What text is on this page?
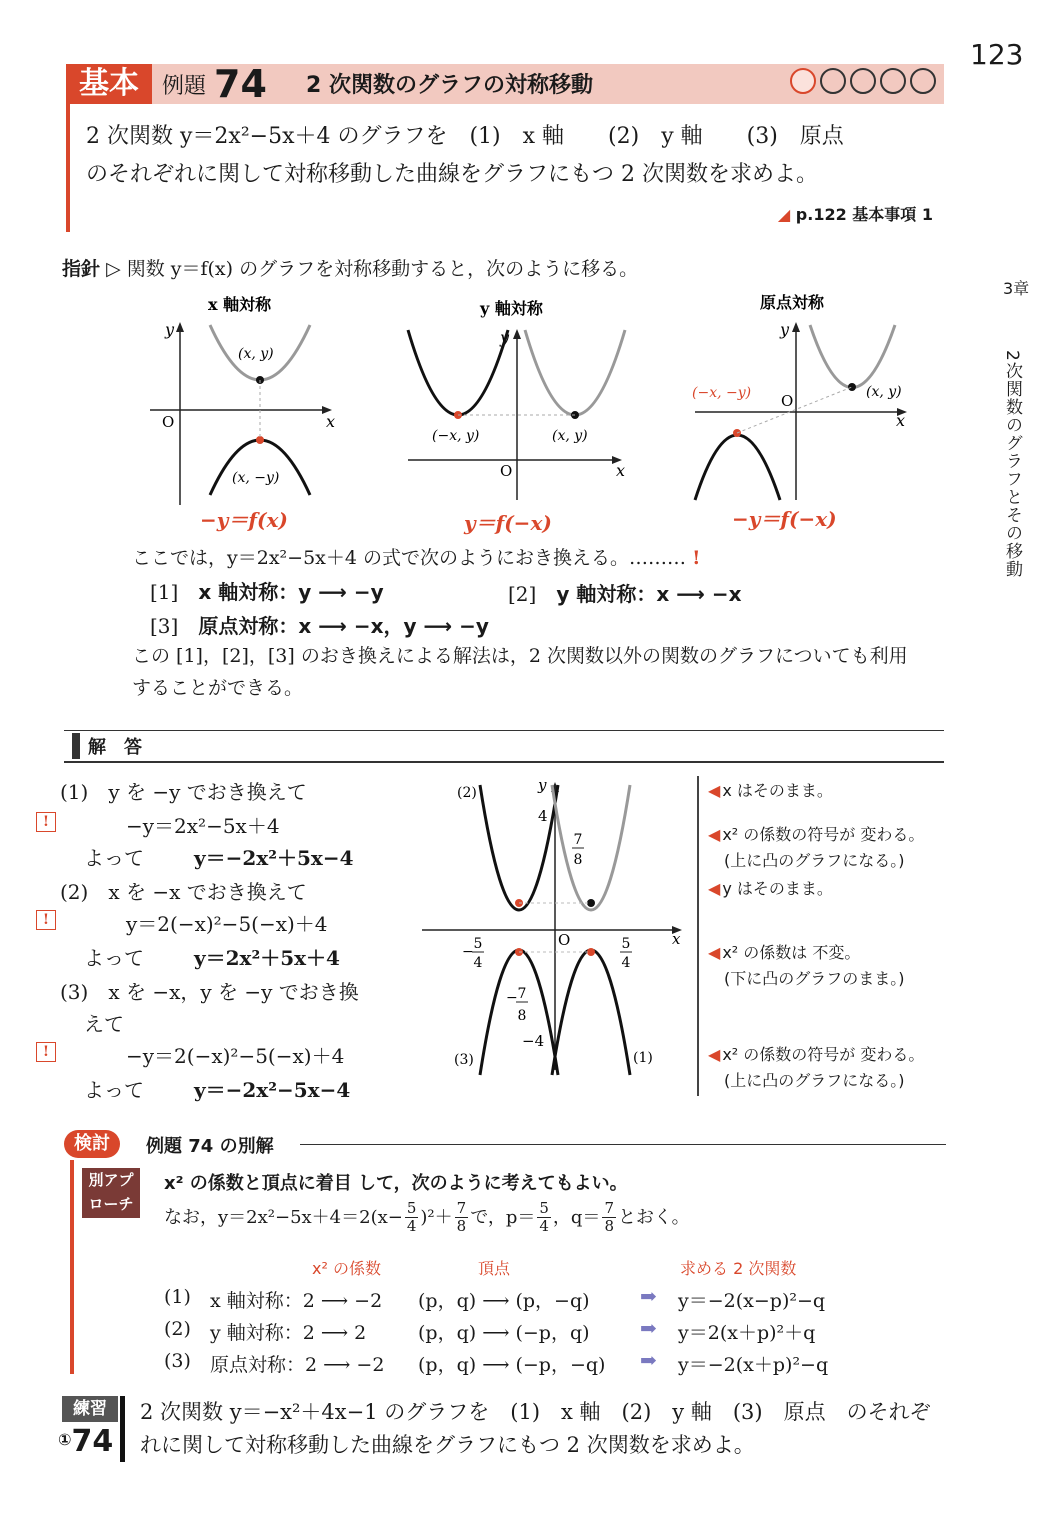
123
3章
2次関数のグラフとその移動
基本	例題 74 2 次関数のグラフの対称移動
2 次関数 y＝2x²−5x＋4 のグラフを　(1)　x 軸　　(2)　y 軸　　(3)　原点
のそれぞれに関して対称移動した曲線をグラフにもつ 2 次関数を求めよ。
◢ p.122 基本事項 1
指針 ▷ 関数 y＝f(x) のグラフを対称移動すると，次のように移る。
x 軸対称
y
x
O
(x, y)
(x, −y)
−y＝f(x)
y 軸対称
y
x
O
(−x, y)	(x, y)
y＝f(−x)
原点対称
y
x
O
(−x, −y)	(x, y)
−y＝f(−x)
ここでは，y＝2x²−5x＋4 の式で次のようにおき換える。……… !
[1]　 x 軸対称：y ⟶ −y	[2]　 y 軸対称：x ⟶ −x
[3]　 原点対称：x ⟶ −x，y ⟶ −y
この [1]，[2]，[3] のおき換えによる解法は，2 次関数以外の関数のグラフについても利用
することができる。
解　答
(1)　y を −y でおき換えて
!	−y＝2x²−5x＋4
よって	y＝−2x²＋5x−4
(2)　x を −x でおき換えて
!	y＝2(−x)²−5(−x)＋4
よって	y＝2x²＋5x＋4
(3)　x を −x，y を −y でおき換
えて
!	−y＝2(−x)²−5(−x)＋4
よって	y＝−2x²−5x−4
y
x
O
4
−4
(2)
(3)	(1)
7
8
− 5
4
5
4
− 7
8
◀ x はそのまま。
◀ x² の係数の符号が 変わる。
(上に凸のグラフになる。)
◀ y はそのまま。
◀ x² の係数は 不変。
(下に凸のグラフのまま。)
◀ x² の係数の符号が 変わる。
(上に凸のグラフになる。)
検討	例題 74 の別解
別アプ
ローチ
x² の係数と頂点に着目 して，次のように考えてもよい。
なお，$y=2x^2-5x+4=2(x- \frac{5}{4} )^2+ \frac{7}{8}$ で，$p= \frac{5}{4}$ ，$q= \frac{7}{8}$ とおく。
x² の係数	頂点	求める 2 次関数
(1) x 軸対称：2 ⟶ −2 (p，q) ⟶ (p，−q)	➡ y＝−2(x−p)²−q
(2) y 軸対称：2 ⟶ 2	(p，q) ⟶ (−p，q)	➡ y＝2(x＋p)²＋q
(3) 原点対称：2 ⟶ −2 (p，q) ⟶ (−p，−q) ➡ y＝−2(x＋p)²−q
練習
①74
2 次関数 y＝−x²＋4x−1 のグラフを　(1)　x 軸　(2)　y 軸　(3)　原点　のそれぞ
れに関して対称移動した曲線をグラフにもつ 2 次関数を求めよ。
